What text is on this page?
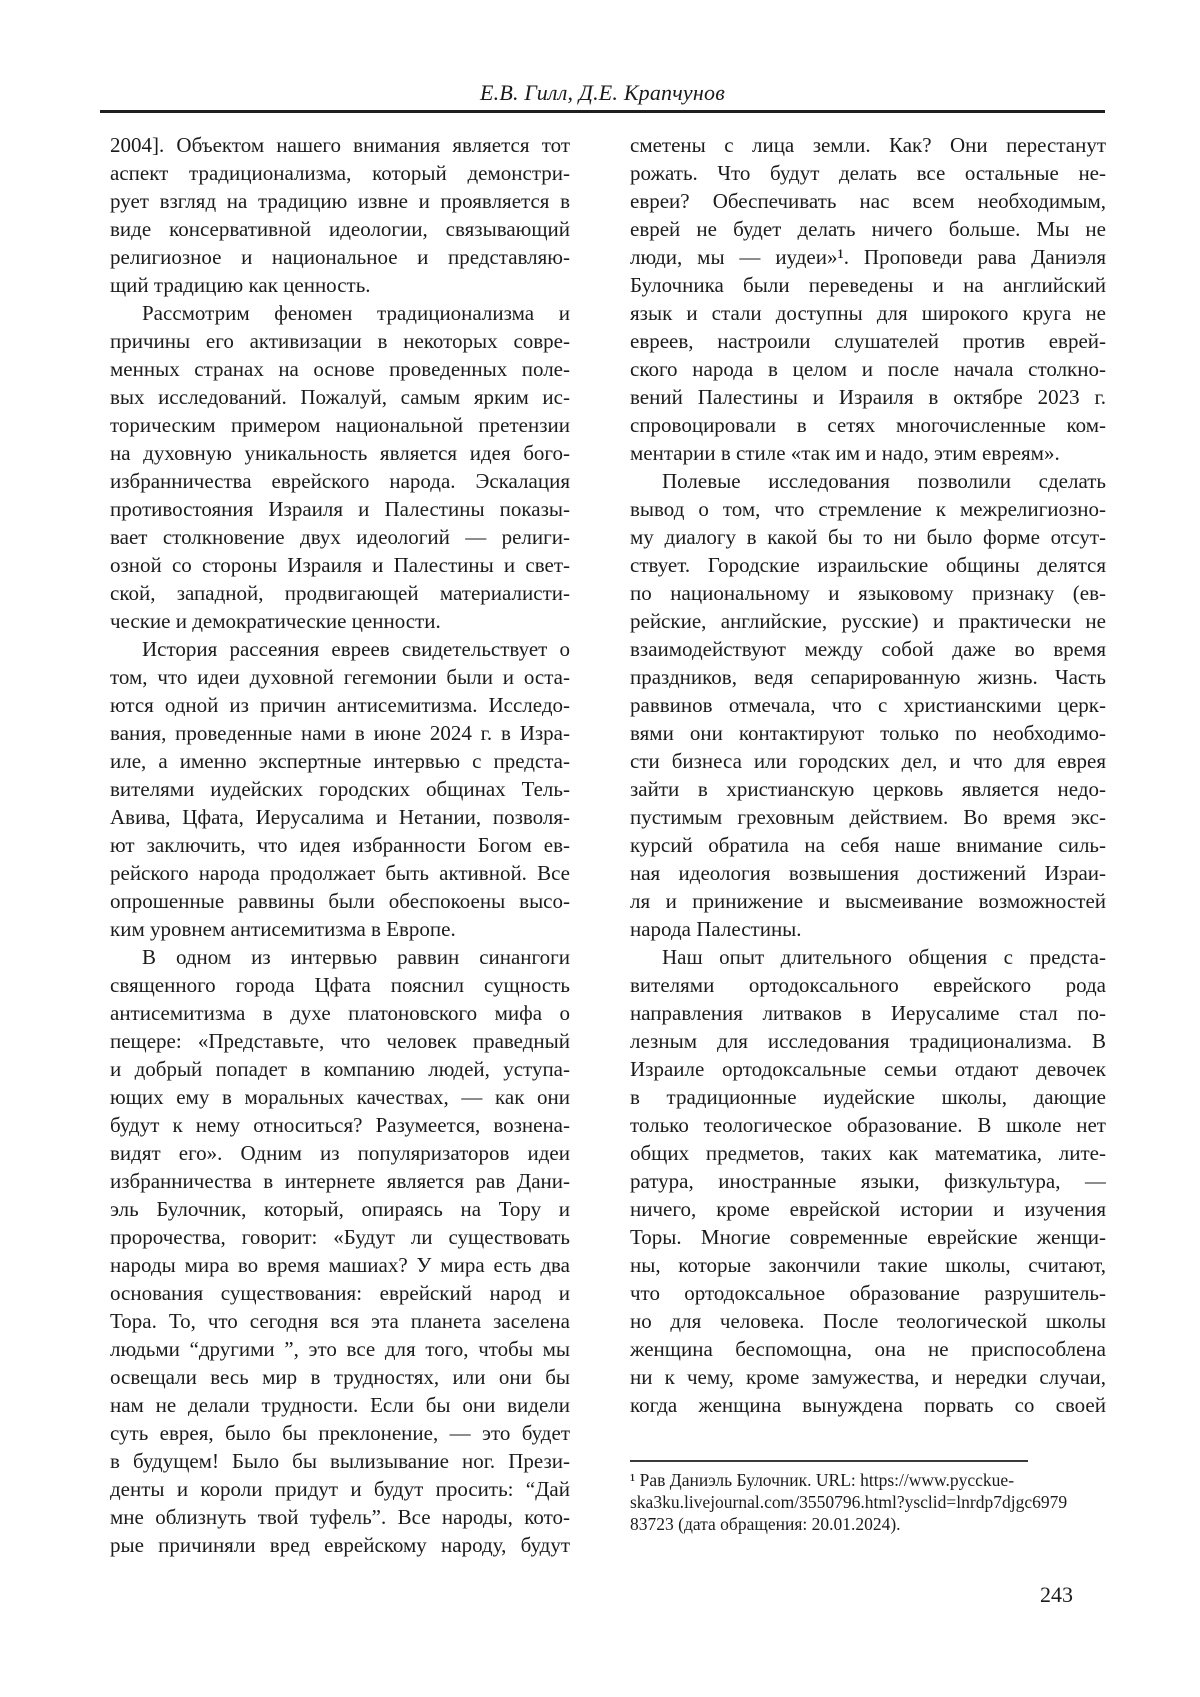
Е.В. Гилл, Д.Е. Крапчунов
2004]. Объектом нашего внимания является тот
аспект традиционализма, который демонстри-
рует взгляд на традицию извне и проявляется в
виде консервативной идеологии, связывающий
религиозное и национальное и представляю-
щий традицию как ценность.
Рассмотрим феномен традиционализма и
причины его активизации в некоторых совре-
менных странах на основе проведенных поле-
вых исследований. Пожалуй, самым ярким ис-
торическим примером национальной претензии
на духовную уникальность является идея бого-
избранничества еврейского народа. Эскалация
противостояния Израиля и Палестины показы-
вает столкновение двух идеологий — религи-
озной со стороны Израиля и Палестины и свет-
ской, западной, продвигающей материалисти-
ческие и демократические ценности.
История рассеяния евреев свидетельствует о
том, что идеи духовной гегемонии были и оста-
ются одной из причин антисемитизма. Исследо-
вания, проведенные нами в июне 2024 г. в Изра-
иле, а именно экспертные интервью с предста-
вителями иудейских городских общинах Тель-
Авива, Цфата, Иерусалима и Нетании, позволя-
ют заключить, что идея избранности Богом ев-
рейского народа продолжает быть активной. Все
опрошенные раввины были обеспокоены высо-
ким уровнем антисемитизма в Европе.
В одном из интервью раввин синангоги
священного города Цфата пояснил сущность
антисемитизма в духе платоновского мифа о
пещере: «Представьте, что человек праведный
и добрый попадет в компанию людей, уступа-
ющих ему в моральных качествах, — как они
будут к нему относиться? Разумеется, вознена-
видят его». Одним из популяризаторов идеи
избранничества в интернете является рав Дани-
эль Булочник, который, опираясь на Тору и
пророчества, говорит: «Будут ли существовать
народы мира во время машиах? У мира есть два
основания существования: еврейский народ и
Тора. То, что сегодня вся эта планета заселена
людьми “другими ”, это все для того, чтобы мы
освещали весь мир в трудностях, или они бы
нам не делали трудности. Если бы они видели
суть еврея, было бы преклонение, — это будет
в будущем! Было бы вылизывание ног. Прези-
денты и короли придут и будут просить: “Дай
мне облизнуть твой туфель”. Все народы, кото-
рые причиняли вред еврейскому народу, будут
сметены с лица земли. Как? Они перестанут
рожать. Что будут делать все остальные не-
евреи? Обеспечивать нас всем необходимым,
еврей не будет делать ничего больше. Мы не
люди, мы — иудеи»¹. Проповеди рава Даниэля
Булочника были переведены и на английский
язык и стали доступны для широкого круга не
евреев, настроили слушателей против еврей-
ского народа в целом и после начала столкно-
вений Палестины и Израиля в октябре 2023 г.
спровоцировали в сетях многочисленные ком-
ментарии в стиле «так им и надо, этим евреям».
Полевые исследования позволили сделать
вывод о том, что стремление к межрелигиозно-
му диалогу в какой бы то ни было форме отсут-
ствует. Городские израильские общины делятся
по национальному и языковому признаку (ев-
рейские, английские, русские) и практически не
взаимодействуют между собой даже во время
праздников, ведя сепарированную жизнь. Часть
раввинов отмечала, что с христианскими церк-
вями они контактируют только по необходимо-
сти бизнеса или городских дел, и что для еврея
зайти в христианскую церковь является недо-
пустимым греховным действием. Во время экс-
курсий обратила на себя наше внимание силь-
ная идеология возвышения достижений Израи-
ля и принижение и высмеивание возможностей
народа Палестины.
Наш опыт длительного общения с предста-
вителями ортодоксального еврейского рода
направления литваков в Иерусалиме стал по-
лезным для исследования традиционализма. В
Израиле ортодоксальные семьи отдают девочек
в традиционные иудейские школы, дающие
только теологическое образование. В школе нет
общих предметов, таких как математика, лите-
ратура, иностранные языки, физкультура, —
ничего, кроме еврейской истории и изучения
Торы. Многие современные еврейские женщи-
ны, которые закончили такие школы, считают,
что ортодоксальное образование разрушитель-
но для человека. После теологической школы
женщина беспомощна, она не приспособлена
ни к чему, кроме замужества, и нередки случаи,
когда женщина вынуждена порвать со своей
¹ Рав Даниэль Булочник. URL: https://www.pycckue-
ska3ku.livejournal.com/3550796.html?ysclid=lnrdp7djgc6979
83723 (дата обращения: 20.01.2024).
243
